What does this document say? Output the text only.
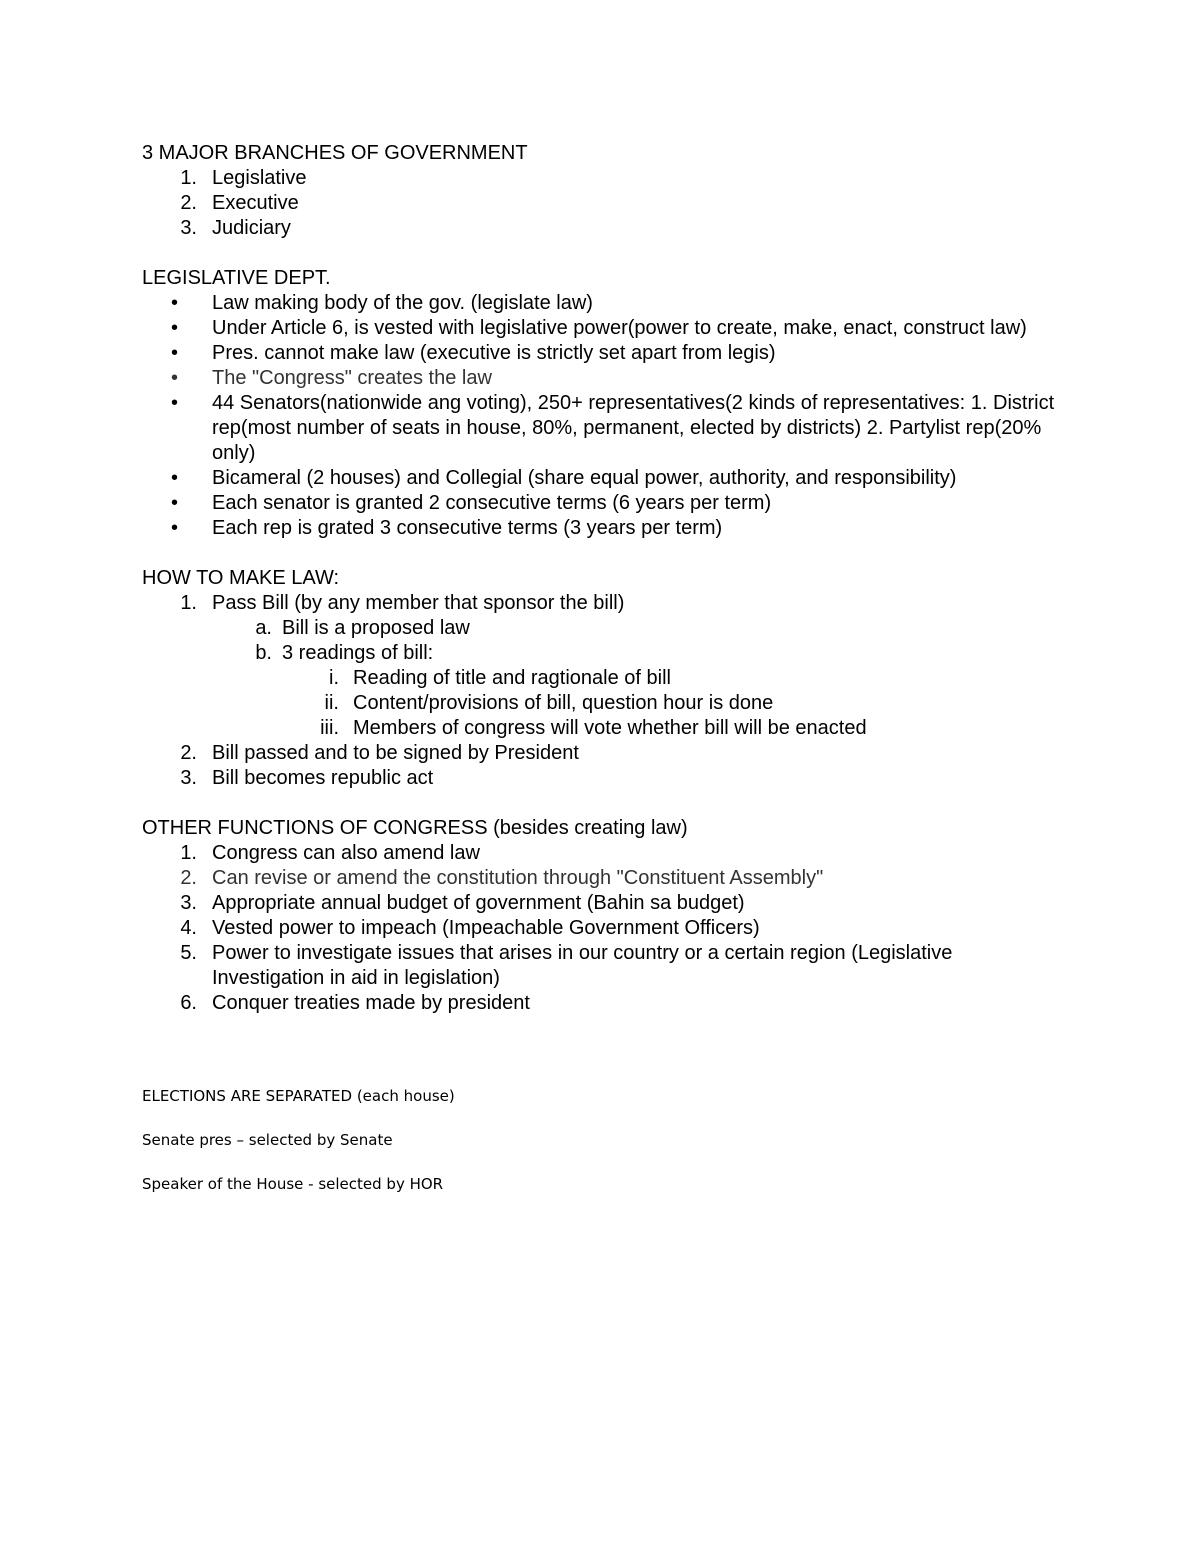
3 MAJOR BRANCHES OF GOVERNMENT
1. Legislative
2. Executive
3. Judiciary
LEGISLATIVE DEPT.
• Law making body of the gov. (legislate law)
• Under Article 6, is vested with legislative power(power to create, make, enact, construct law)
• Pres. cannot make law (executive is strictly set apart from legis)
• The "Congress" creates the law
• 44 Senators(nationwide ang voting), 250+ representatives(2 kinds of representatives: 1. District rep(most number of seats in house, 80%, permanent, elected by districts) 2. Partylist rep(20% only)
• Bicameral (2 houses) and Collegial (share equal power, authority, and responsibility)
• Each senator is granted 2 consecutive terms (6 years per term)
• Each rep is grated 3 consecutive terms (3 years per term)
HOW TO MAKE LAW:
1. Pass Bill (by any member that sponsor the bill)
a. Bill is a proposed law
b. 3 readings of bill:
i. Reading of title and ragtionale of bill
ii. Content/provisions of bill, question hour is done
iii. Members of congress will vote whether bill will be enacted
2. Bill passed and to be signed by President
3. Bill becomes republic act
OTHER FUNCTIONS OF CONGRESS (besides creating law)
1. Congress can also amend law
2. Can revise or amend the constitution through "Constituent Assembly"
3. Appropriate annual budget of government (Bahin sa budget)
4. Vested power to impeach (Impeachable Government Officers)
5. Power to investigate issues that arises in our country or a certain region (Legislative Investigation in aid in legislation)
6. Conquer treaties made by president

ELECTIONS ARE SEPARATED (each house)

Senate pres – selected by Senate

Speaker of the House - selected by HOR
